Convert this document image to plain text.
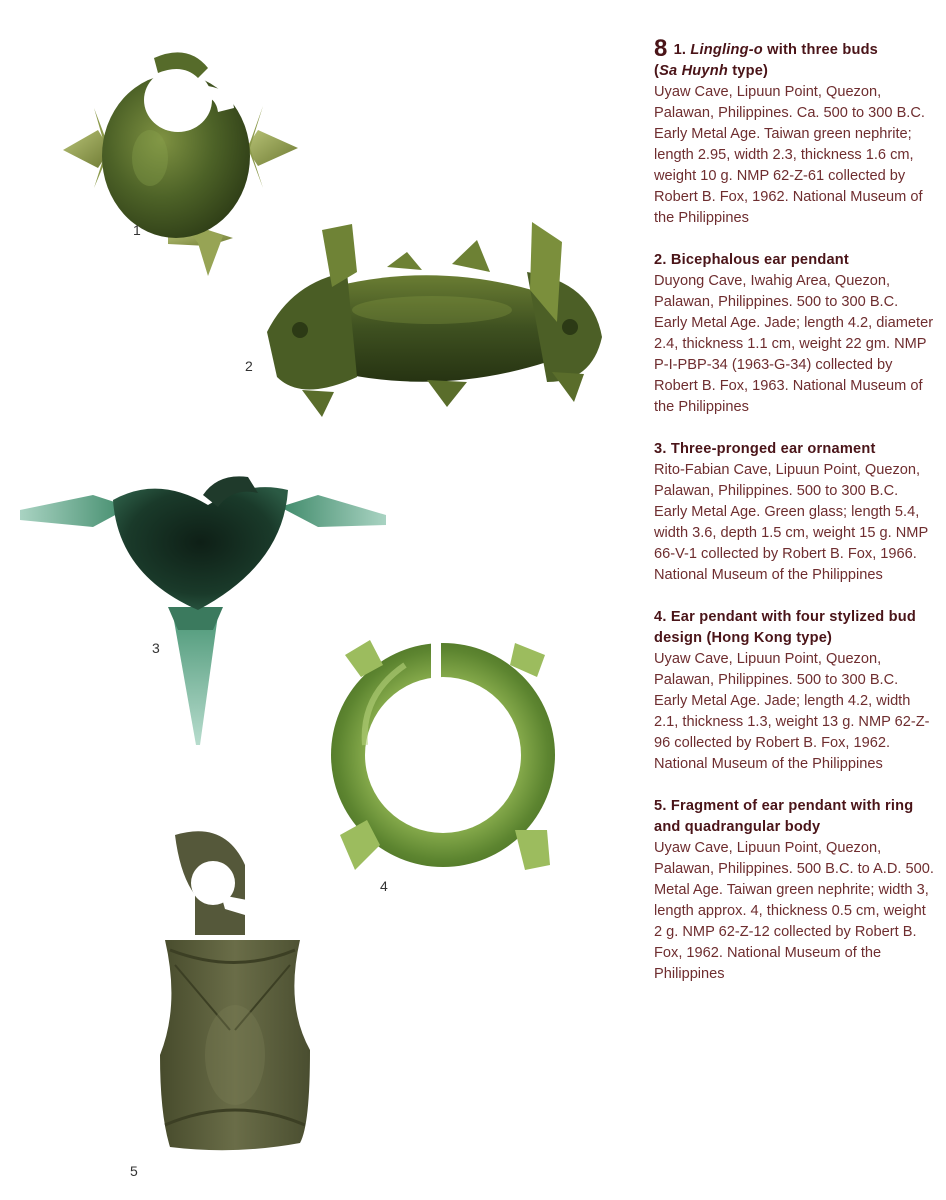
1
2
3
4
5
8 1. Lingling-o with three buds
(Sa Huynh type)
Uyaw Cave, Lipuun Point, Quezon, Palawan, Philippines. Ca. 500 to 300 B.C. Early Metal Age. Taiwan green nephrite; length 2.95, width 2.3, thickness 1.6 cm, weight 10 g. NMP 62-Z-61 collected by Robert B. Fox, 1962. National Museum of the Philippines
2. Bicephalous ear pendant
Duyong Cave, Iwahig Area, Quezon, Palawan, Philippines. 500 to 300 B.C. Early Metal Age. Jade; length 4.2, diameter 2.4, thickness 1.1 cm, weight 22 gm. NMP P-I-PBP-34 (1963-G-34) collected by Robert B. Fox, 1963. National Museum of the Philippines
3. Three-pronged ear ornament
Rito-Fabian Cave, Lipuun Point, Quezon, Palawan, Philippines. 500 to 300 B.C. Early Metal Age. Green glass; length 5.4, width 3.6, depth 1.5 cm, weight 15 g. NMP 66-V-1 collected by Robert B. Fox, 1966. National Museum of the Philippines
4. Ear pendant with four stylized bud design (Hong Kong type)
Uyaw Cave, Lipuun Point, Quezon, Palawan, Philippines. 500 to 300 B.C. Early Metal Age. Jade; length 4.2, width 2.1, thickness 1.3, weight 13 g. NMP 62-Z-96 collected by Robert B. Fox, 1962. National Museum of the Philippines
5. Fragment of ear pendant with ring and quadrangular body
Uyaw Cave, Lipuun Point, Quezon, Palawan, Philippines. 500 B.C. to A.D. 500. Metal Age. Taiwan green nephrite; width 3, length approx. 4, thickness 0.5 cm, weight 2 g. NMP 62-Z-12 collected by Robert B. Fox, 1962. National Museum of the Philippines
